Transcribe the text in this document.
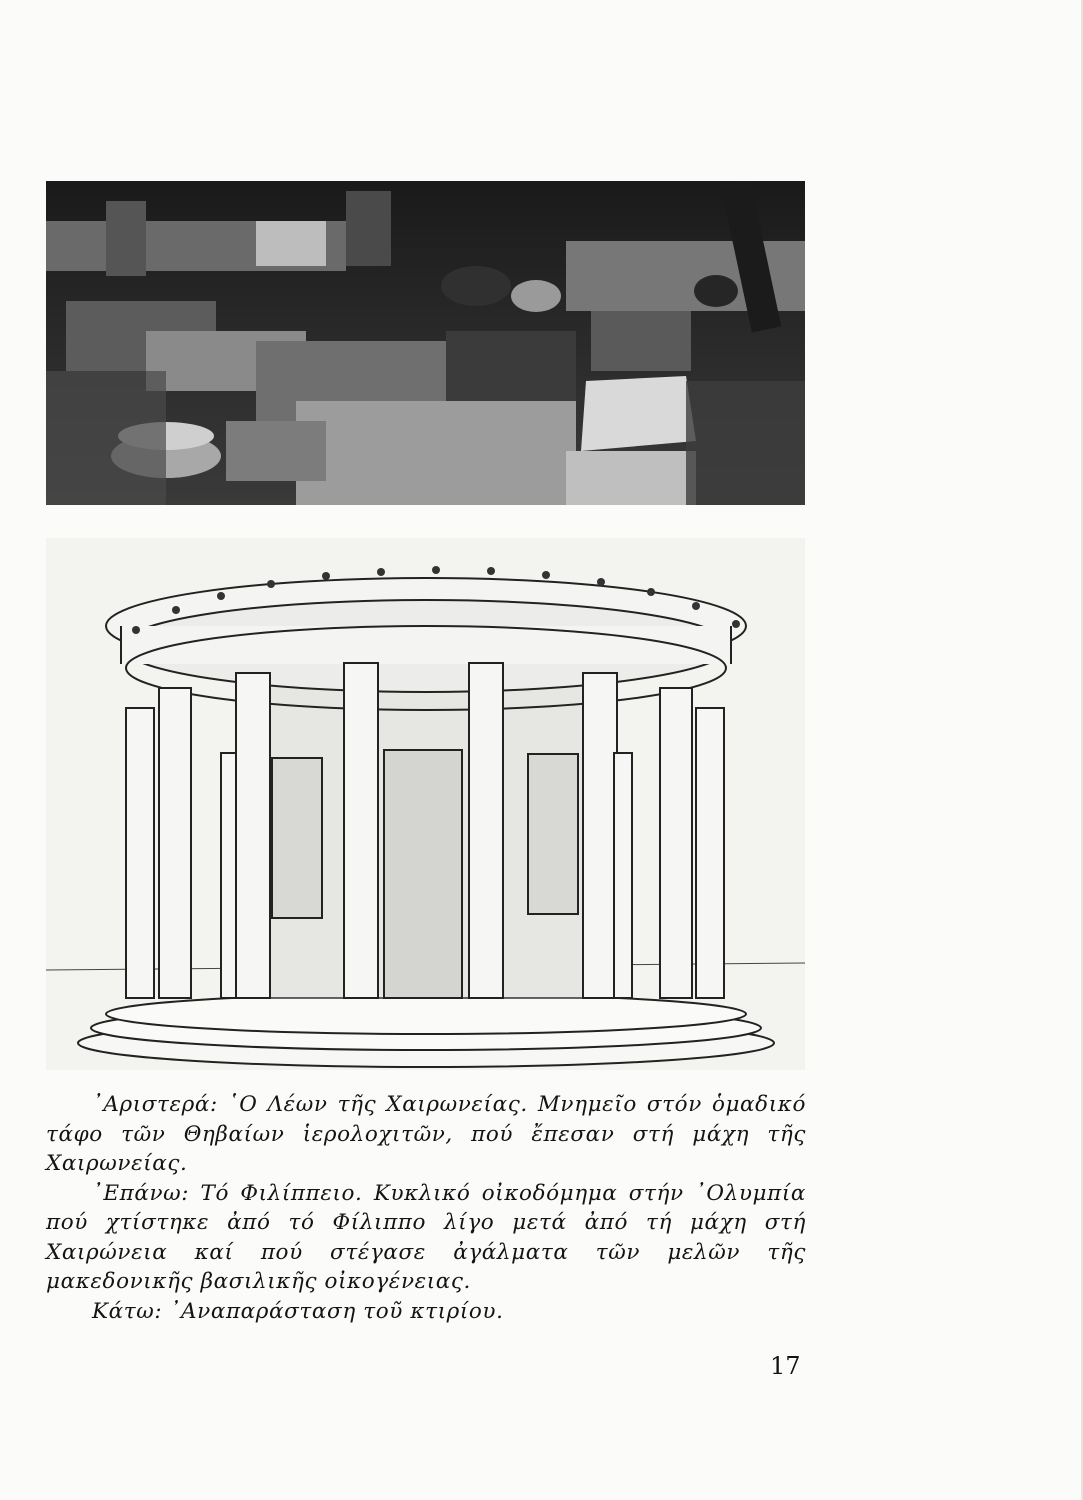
᾿Αριστερά: ῾Ο Λέων τῆς Χαιρωνείας. Μνημεῖο στόν ὁμαδικό τάφο τῶν Θηβαίων ἱερολοχιτῶν, πού ἔπεσαν στή μάχη τῆς Χαιρωνείας.

᾿Επάνω: Τό Φιλίππειο. Κυκλικό οἰκοδόμημα στήν ᾿Ολυμπία πού χτίστηκε ἀπό τό Φίλιππο λίγο μετά ἀπό τή μάχη στή Χαιρώνεια καί πού στέγασε ἀγάλματα τῶν μελῶν τῆς μακεδονικῆς βασιλικῆς οἰκογένειας.

Κάτω: ᾿Αναπαράσταση τοῦ κτιρίου.

17
